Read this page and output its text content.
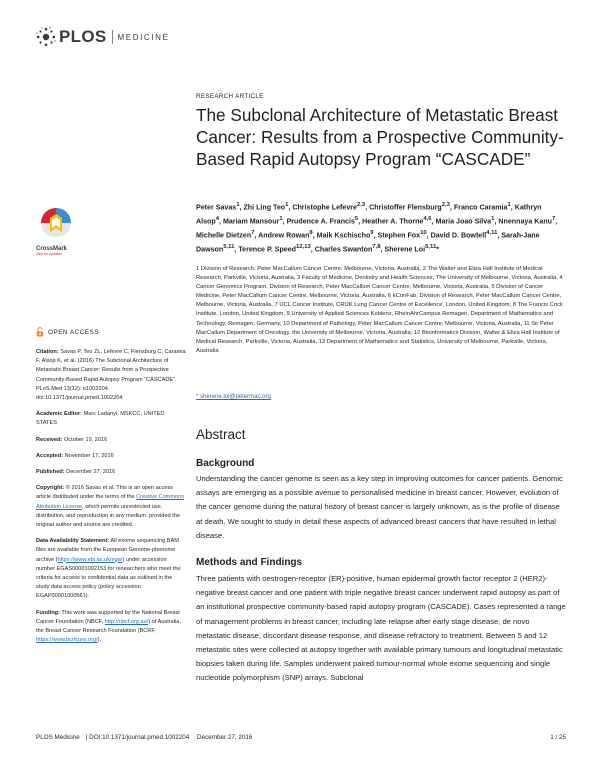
PLOS MEDICINE
CrossMark
click for updates
OPEN ACCESS

Citation: Savas P, Teo ZL, Lefevre C, Flensburg C, Caramia F, Alsop K, et al. (2016) The Subclonal Architecture of Metastatic Breast Cancer: Results from a Prospective Community-Based Rapid Autopsy Program “CASCADE”. PLoS Med 13(12): e1002204. doi:10.1371/journal.pmed.1002204

Academic Editor: Marc Ladanyi, MSKCC, UNITED STATES

Received: October 19, 2016

Accepted: November 17, 2016

Published: December 27, 2016

Copyright: © 2016 Savas et al. This is an open access article distributed under the terms of the Creative Commons Attribution License, which permits unrestricted use, distribution, and reproduction in any medium, provided the original author and source are credited.

Data Availability Statement: All exome sequencing BAM files are available from the European Genome-phenome archive (https://www.ebi.ac.uk/ega/) under accession number EGAS00001002153 for researchers who meet the criteria for access to confidential data as outlined in the study data access policy (policy accession EGAP00001000561).

Funding: This work was supported by the National Breast Cancer Foundation (NBCF, http://nbcf.org.au/) of Australia, the Breast Cancer Research Foundation (BCRF, https://www.bcrfcure.org/),

RESEARCH ARTICLE
The Subclonal Architecture of Metastatic Breast Cancer: Results from a Prospective Community-Based Rapid Autopsy Program “CASCADE”
Peter Savas$^1$, Zhi Ling Teo$^1$, Christophe Lefevre$^{2,3}$, Christoffer Flensburg$^{2,3}$, Franco Caramia$^1$, Kathryn Alsop$^4$, Mariam Mansour$^1$, Prudence A. Francis$^5$, Heather A. Thorne$^{4,6}$, Maria Joao Silva$^1$, Nnennaya Kanu$^7$, Michelle Dietzen$^7$, Andrew Rowan$^8$, Maik Kschischo$^9$, Stephen Fox$^{10}$, David D. Bowtell$^{4,11}$, Sarah-Jane Dawson$^{5,11}$, Terence P. Speed$^{12,13}$, Charles Swanton$^{7,8}$, Sherene Loi$^{5,11}$*
1 Division of Research, Peter MacCallum Cancer Centre, Melbourne, Victoria, Australia, 2 The Walter and Eliza Hall Institute of Medical Research, Parkville, Victoria, Australia, 3 Faculty of Medicine, Dentistry and Health Sciences, The University of Melbourne, Victoria, Australia, 4 Cancer Genomics Program, Division of Research, Peter MacCallum Cancer Centre, Melbourne, Victoria, Australia, 5 Division of Cancer Medicine, Peter MacCallum Cancer Centre, Melbourne, Victoria, Australia, 6 kConFab, Division of Research, Peter MacCallum Cancer Centre, Melbourne, Victoria, Australia, 7 UCL Cancer Institute, CRUK Lung Cancer Centre of Excellence, London, United Kingdom, 8 The Francis Crick Institute, London, United Kingdom, 9 University of Applied Sciences Koblenz, RheinAhrCampus Remagen, Department of Mathematics and Technology, Remagen, Germany, 10 Department of Pathology, Peter MacCallum Cancer Centre, Melbourne, Victoria, Australia, 11 Sir Peter MacCallum Department of Oncology, the University of Melbourne, Victoria, Australia, 12 Bioinformatics Division, Walter & Eliza Hall Institute of Medical Research, Parkville, Victoria, Australia, 13 Department of Mathematics and Statistics, University of Melbourne, Parkville, Victoria, Australia
* sherene.loi@petermac.org
Abstract
Background
Understanding the cancer genome is seen as a key step in improving outcomes for cancer patients. Genomic assays are emerging as a possible avenue to personalised medicine in breast cancer. However, evolution of the cancer genome during the natural history of breast cancer is largely unknown, as is the profile of disease at death. We sought to study in detail these aspects of advanced breast cancers that have resulted in lethal disease.
Methods and Findings
Three patients with oestrogen-receptor (ER)-positive, human epidermal growth factor receptor 2 (HER2)-negative breast cancer and one patient with triple negative breast cancer underwent rapid autopsy as part of an institutional prospective community-based rapid autopsy program (CASCADE). Cases represented a range of management problems in breast cancer, including late relapse after early stage disease, de novo metastatic disease, discordant disease response, and disease refractory to treatment. Between 5 and 12 metastatic sites were collected at autopsy together with available primary tumours and longitudinal metastatic biopsies taken during life. Samples underwent paired tumour-normal whole exome sequencing and single nucleotide polymorphism (SNP) arrays. Subclonal
PLOS Medicine | DOI:10.1371/journal.pmed.1002204 December 27, 2016	1 / 25
